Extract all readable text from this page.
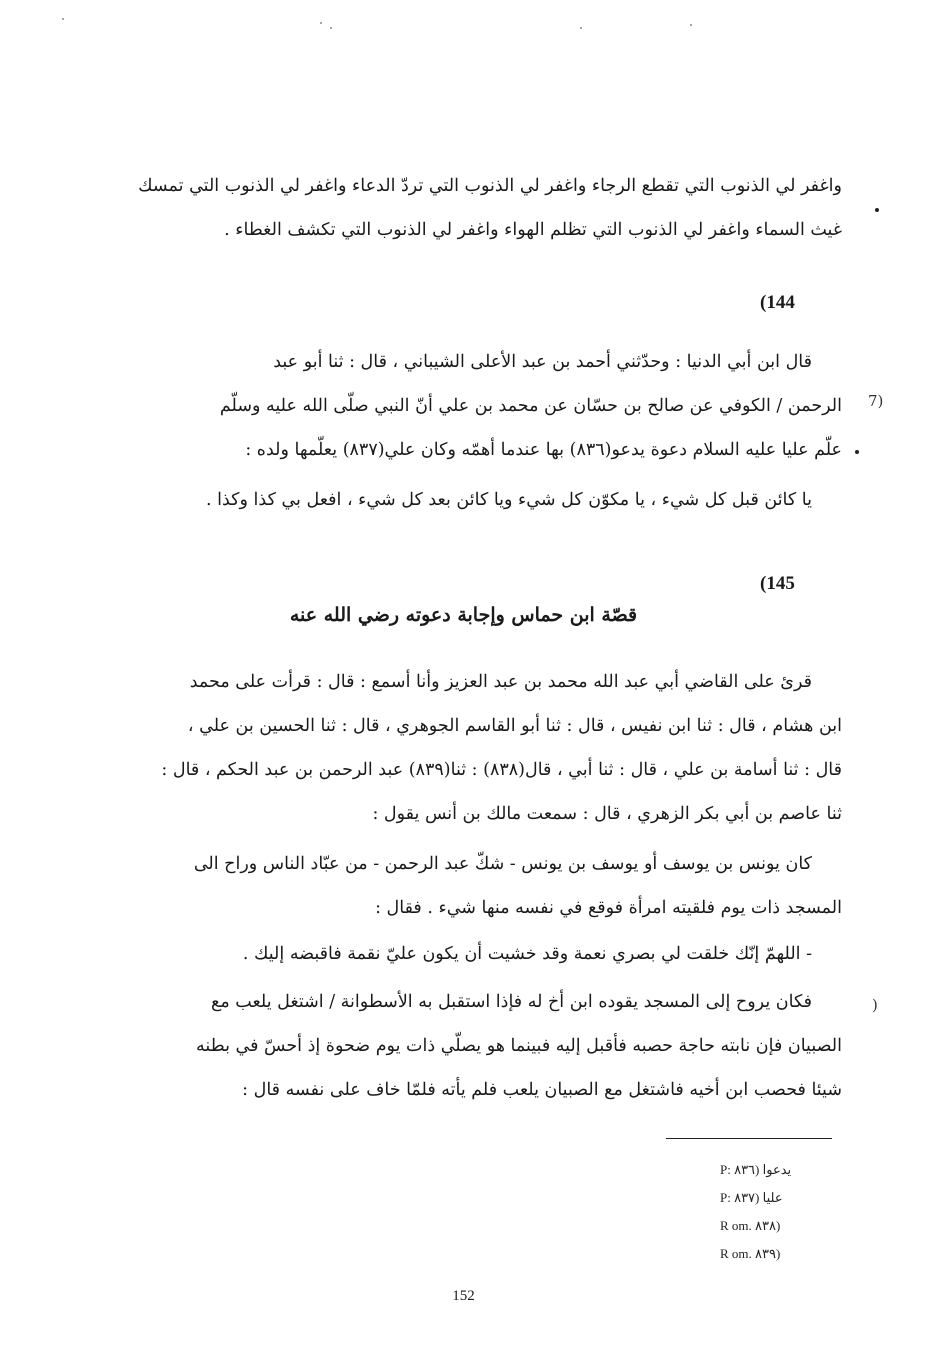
واغفر لي الذنوب التي تقطع الرجاء واغفر لي الذنوب التي تردّ الدعاء واغفر لي الذنوب التي تمسك
غيث السماء واغفر لي الذنوب التي تظلم الهواء واغفر لي الذنوب التي تكشف الغطاء .
(144
قال ابن أبي الدنيا : وحدّثني أحمد بن عبد الأعلى الشيباني ، قال : ثنا أبو عبد
الرحمن / الكوفي عن صالح بن حسّان عن محمد بن علي أنّ النبي صلّى الله عليه وسلّم
علّم عليا عليه السلام دعوة يدعو(٨٣٦) بها عندما أهمّه وكان علي(٨٣٧) يعلّمها ولده :
7)
يا كائن قبل كل شيء ، يا مكوّن كل شيء ويا كائن بعد كل شيء ، افعل بي كذا وكذا .
(145
قصّة ابن حماس وإجابة دعوته رضي الله عنه
قرئ على القاضي أبي عبد الله محمد بن عبد العزيز وأنا أسمع : قال : قرأت على محمد
ابن هشام ، قال : ثنا ابن نفيس ، قال : ثنا أبو القاسم الجوهري ، قال : ثنا الحسين بن علي ،
قال : ثنا أسامة بن علي ، قال : ثنا أبي ، قال(٨٣٨) : ثنا(٨٣٩) عبد الرحمن بن عبد الحكم ، قال :
ثنا عاصم بن أبي بكر الزهري ، قال : سمعت مالك بن أنس يقول :
كان يونس بن يوسف أو يوسف بن يونس - شكّ عبد الرحمن - من عبّاد الناس وراح الى
المسجد ذات يوم فلقيته امرأة فوقع في نفسه منها شيء . فقال :
- اللهمّ إنّك خلقت لي بصري نعمة وقد خشيت أن يكون عليّ نقمة فاقبضه إليك .
فكان يروح إلى المسجد يقوده ابن أخ له فإذا استقبل به الأسطوانة / اشتغل يلعب مع
الصبيان فإن نابته حاجة حصبه فأقبل إليه فبينما هو يصلّي ذات يوم ضحوة إذ أحسّ في بطنه
شيئا فحصب ابن أخيه فاشتغل مع الصبيان يلعب فلم يأته فلمّا خاف على نفسه قال :
)
P: يدعوا (٨٣٦
P: عليا (٨٣٧
R om. (٨٣٨
R om. (٨٣٩
152
